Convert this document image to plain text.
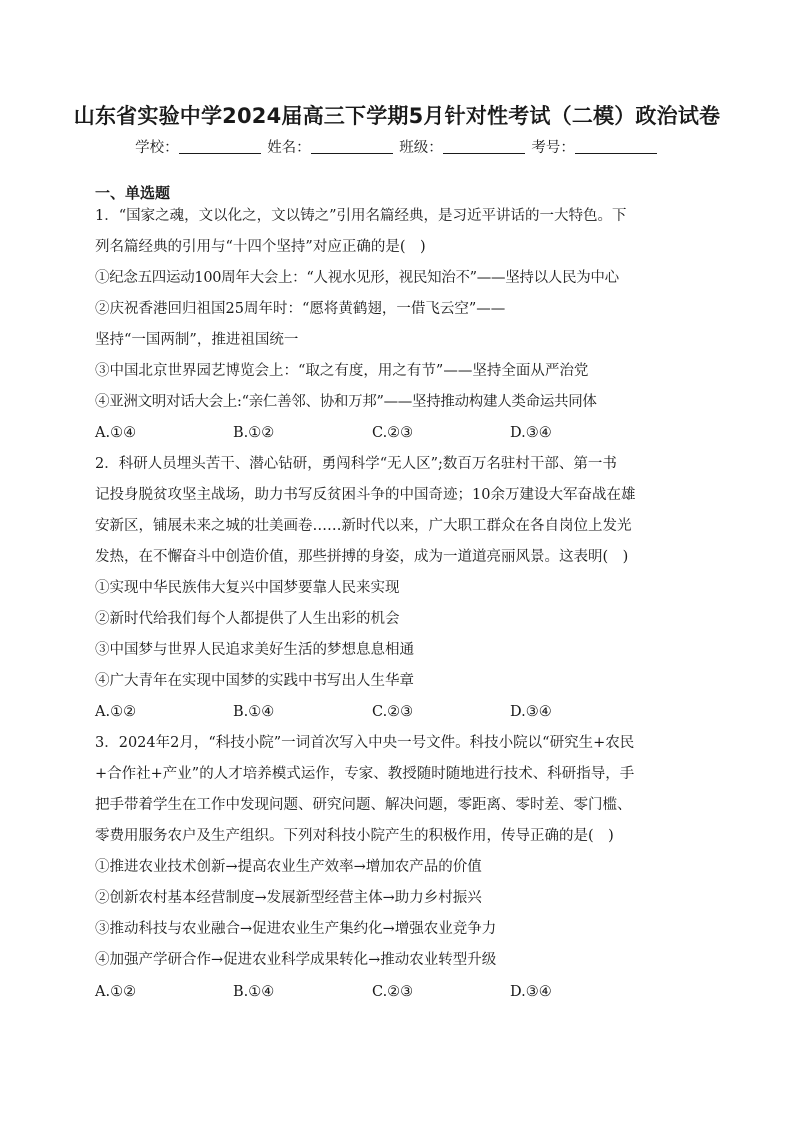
山东省实验中学2024届高三下学期5月针对性考试（二模）政治试卷
学校：	姓名：	班级：	考号：
一、单选题
1．“国家之魂，文以化之，文以铸之”引用名篇经典，是习近平讲话的一大特色。下
列名篇经典的引用与“十四个坚持”对应正确的是(　)
①纪念五四运动100周年大会上：“人视水见形，视民知治不”——坚持以人民为中心
②庆祝香港回归祖国25周年时：“愿将黄鹤翅，一借飞云空”——
坚持“一国两制”，推进祖国统一
③中国北京世界园艺博览会上：“取之有度，用之有节”——坚持全面从严治党
④亚洲文明对话大会上:“亲仁善邻、协和万邦”——坚持推动构建人类命运共同体
A.①④	B.①②	C.②③	D.③④
2．科研人员埋头苦干、潜心钻研，勇闯科学“无人区”;数百万名驻村干部、第一书
记投身脱贫攻坚主战场，助力书写反贫困斗争的中国奇迹；10余万建设大军奋战在雄
安新区，铺展未来之城的壮美画卷……新时代以来，广大职工群众在各自岗位上发光
发热，在不懈奋斗中创造价值，那些拼搏的身姿，成为一道道亮丽风景。这表明(　)
①实现中华民族伟大复兴中国梦要靠人民来实现
②新时代给我们每个人都提供了人生出彩的机会
③中国梦与世界人民追求美好生活的梦想息息相通
④广大青年在实现中国梦的实践中书写出人生华章
A.①②	B.①④	C.②③	D.③④
3．2024年2月，“科技小院”一词首次写入中央一号文件。科技小院以“研究生+农民
+合作社+产业”的人才培养模式运作，专家、教授随时随地进行技术、科研指导，手
把手带着学生在工作中发现问题、研究问题、解决问题，零距离、零时差、零门槛、
零费用服务农户及生产组织。下列对科技小院产生的积极作用，传导正确的是(　)
①推进农业技术创新→提高农业生产效率→增加农产品的价值
②创新农村基本经营制度→发展新型经营主体→助力乡村振兴
③推动科技与农业融合→促进农业生产集约化→增强农业竞争力
④加强产学研合作→促进农业科学成果转化→推动农业转型升级
A.①②	B.①④	C.②③	D.③④
